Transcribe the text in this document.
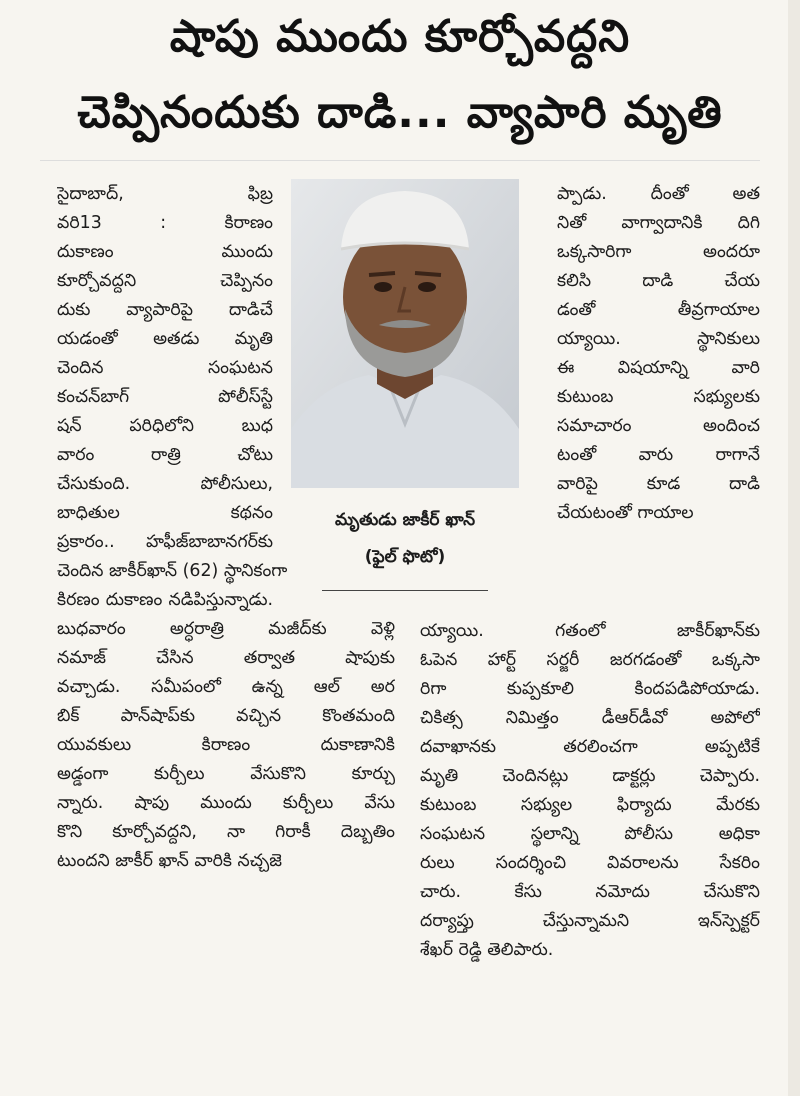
షాపు ముందు కూర్చోవద్దని
చెప్పినందుకు దాడి... వ్యాపారి మృతి
సైదాబాద్, ఫిబ్ర
వరి13 : కిరాణం
దుకాణం ముందు
కూర్చోవద్దని చెప్పినం
దుకు వ్యాపారిపై దాడిచే
యడంతో అతడు మృతి
చెందిన సంఘటన
కంచన్‌బాగ్ పోలీస్‌స్టే
షన్ పరిధిలోని బుధ
వారం రాత్రి చోటు
చేసుకుంది. పోలీసులు,
బాధితుల కథనం
ప్రకారం.. హఫీజ్‌బాబానగర్‌కు
చెందిన జాకీర్‌ఖాన్ (62) స్థానికంగా
కిరణం దుకాణం నడిపిస్తున్నాడు.
బుధవారం అర్ధరాత్రి మజీద్‌కు వెళ్లి
నమాజ్ చేసిన తర్వాత షాపుకు
వచ్చాడు. సమీపంలో ఉన్న ఆల్ అర
బిక్ పాన్‌షాప్‌కు వచ్చిన కొంతమంది
యువకులు కిరాణం దుకాణానికి
అడ్డంగా కుర్చీలు వేసుకొని కూర్చు
న్నారు. షాపు ముందు కుర్చీలు వేసు
కొని కూర్చోవద్దని, నా గిరాకీ దెబ్బతిం
టుందని జాకీర్ ఖాన్ వారికి నచ్చజె
ప్పాడు. దీంతో అత
నితో వాగ్వాదానికి దిగి
ఒక్కసారిగా అందరూ
కలిసి దాడి చేయ
డంతో తీవ్రగాయాల
య్యాయి. స్థానికులు
ఈ విషయాన్ని వారి
కుటుంబ సభ్యులకు
సమాచారం అందించ
టంతో వారు రాగానే
వారిపై కూడ దాడి
చేయటంతో గాయాల
య్యాయి. గతంలో జాకీర్‌ఖాన్‌కు
ఓపెన హార్ట్ సర్జరీ జరగడంతో ఒక్కసా
రిగా కుప్పకూలి కిందపడిపోయాడు.
చికిత్స నిమిత్తం డీఆర్‌డీవో అపోలో
దవాఖానకు తరలించగా అప్పటికే
మృతి చెందినట్లు డాక్టర్లు చెప్పారు.
కుటుంబ సభ్యుల ఫిర్యాదు మేరకు
సంఘటన స్థలాన్ని పోలీసు అధికా
రులు సందర్శించి వివరాలను సేకరిం
చారు. కేసు నమోదు చేసుకొని
దర్యాప్తు చేస్తున్నామని ఇన్‌స్పెక్టర్
శేఖర్ రెడ్డి తెలిపారు.
మృతుడు జాకీర్ ఖాన్
(ఫైల్ ఫొటో)
